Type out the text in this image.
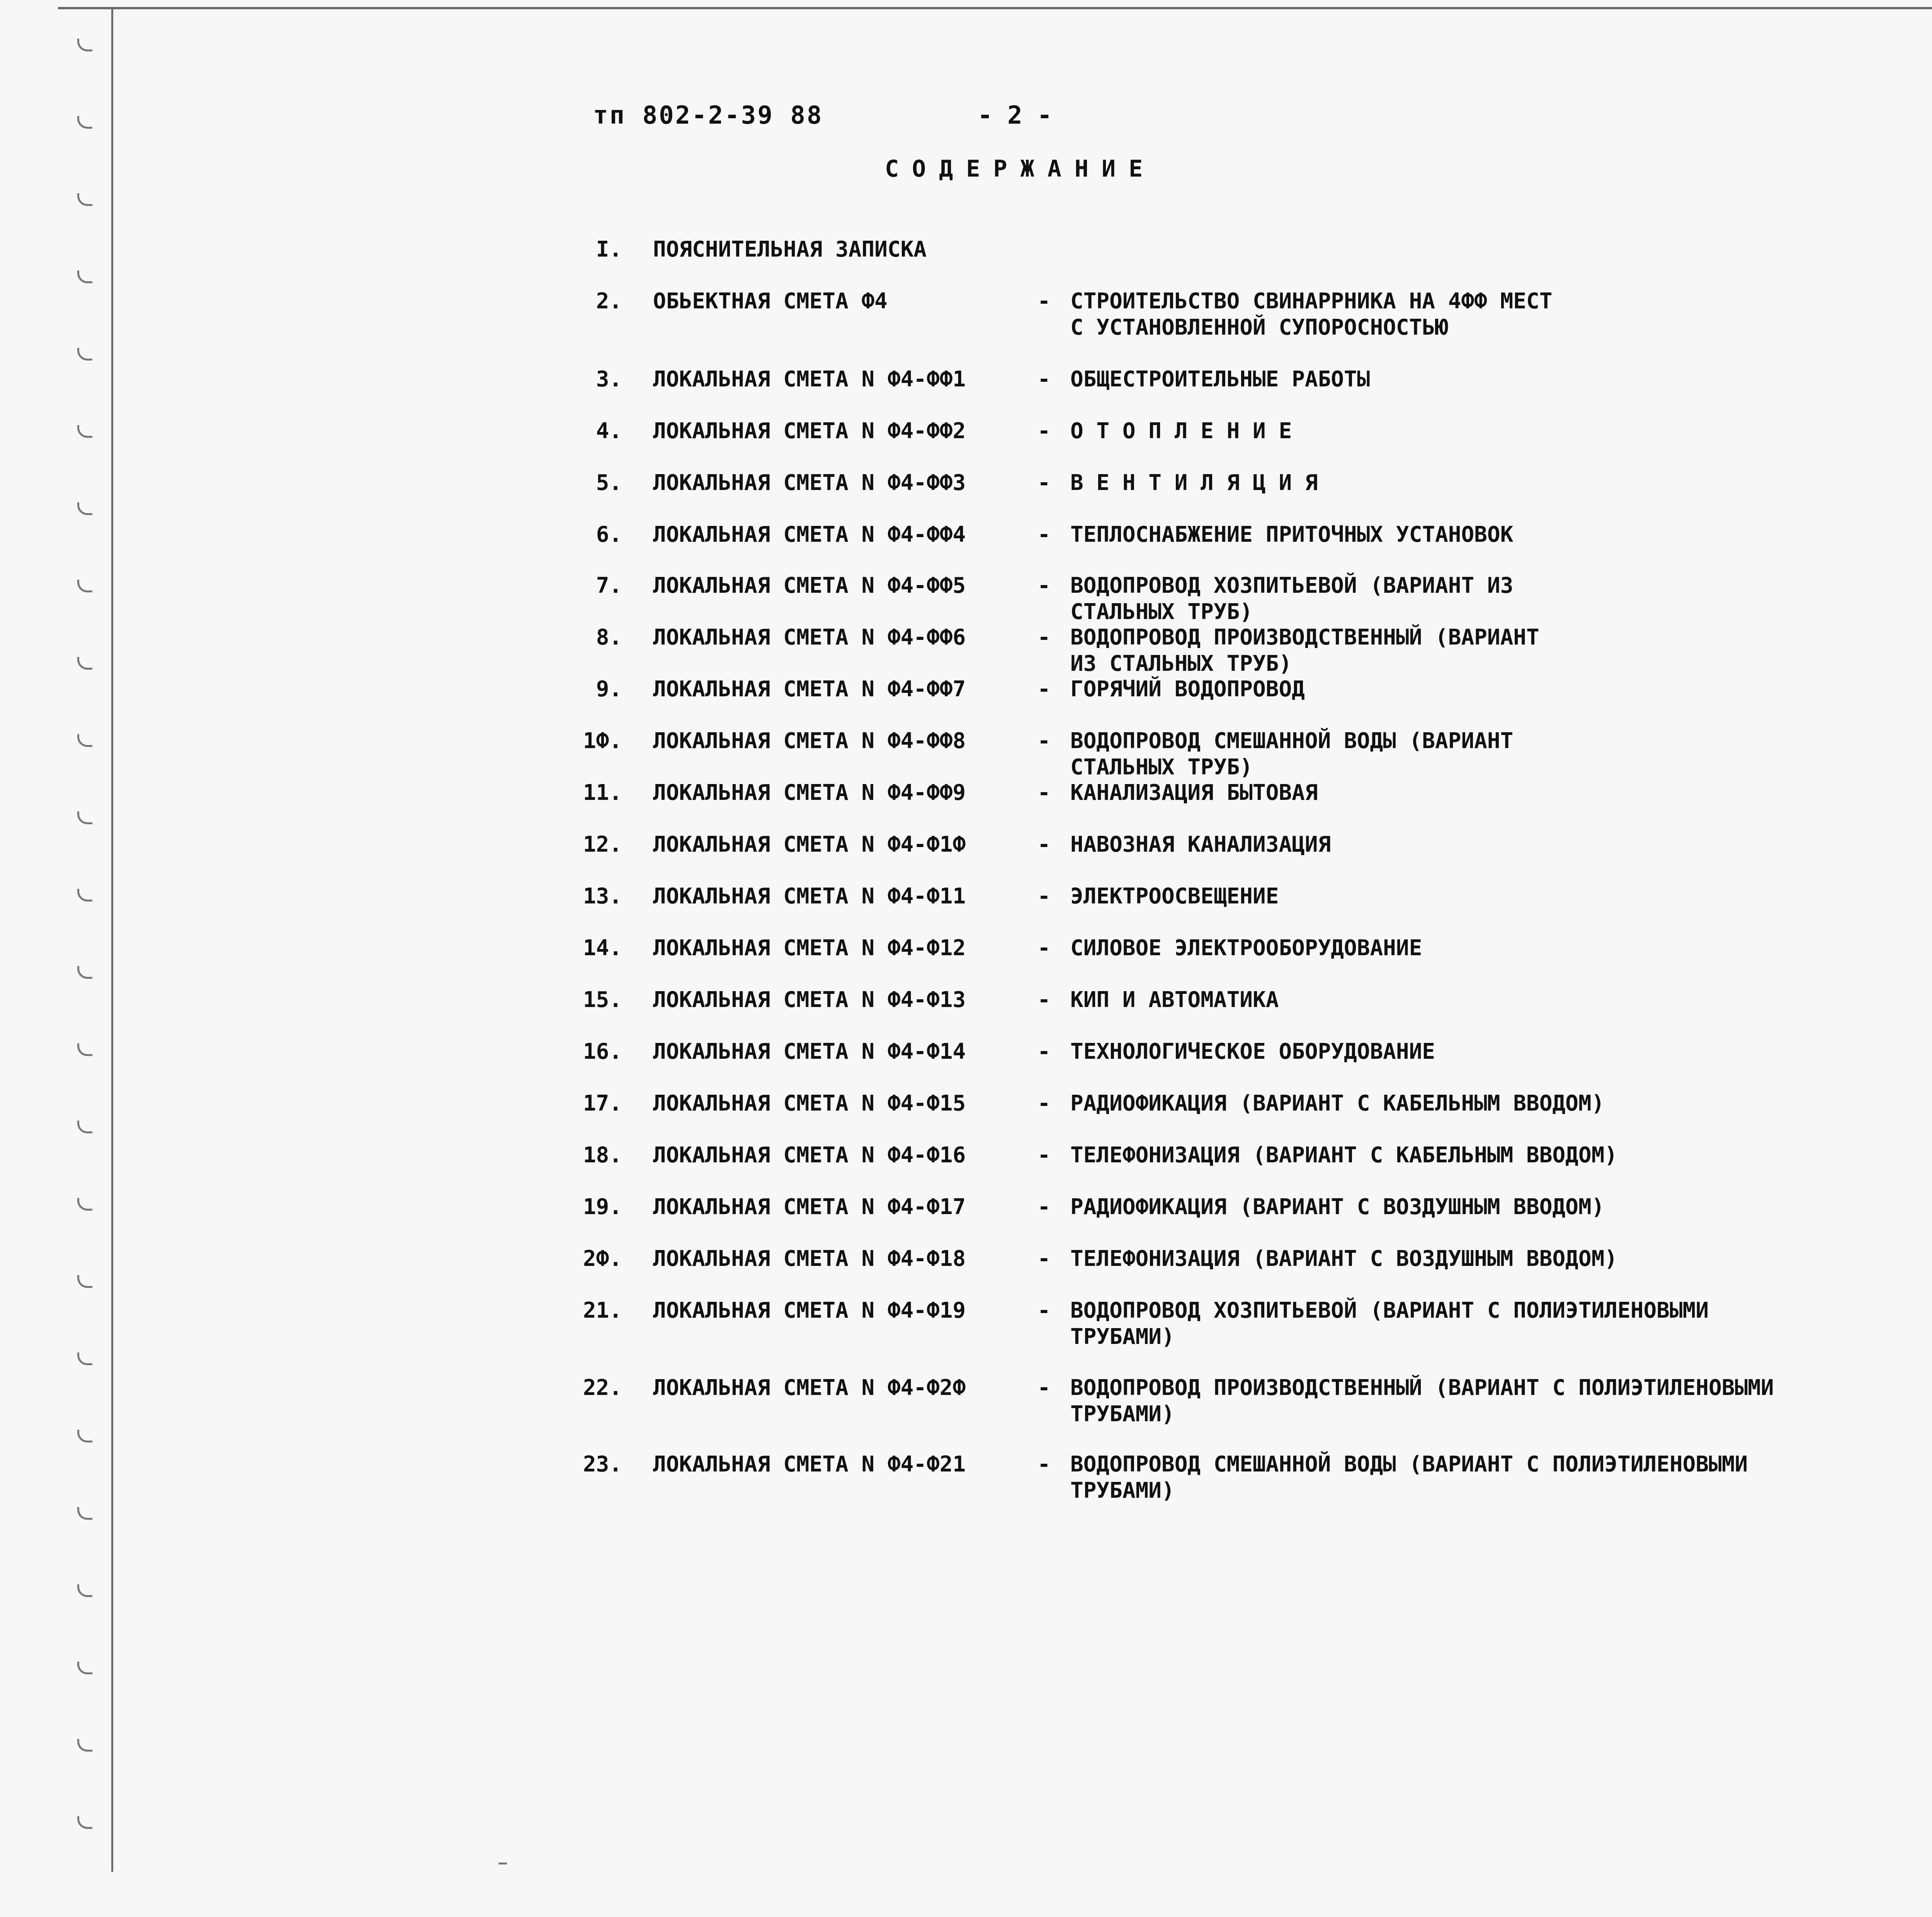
тп 802-2-39 88	- 2 -
СОДЕРЖАНИЕ
I. ПОЯСНИТЕЛЬНАЯ ЗАПИСКА
2. ОБЬЕКТНАЯ СМЕТА Ф4	- СТРОИТЕЛЬСТВО СВИНАРРНИКА НА 4ФФ МЕСТ
С УСТАНОВЛЕННОЙ СУПОРОСНОСТЬЮ
3. ЛОКАЛЬНАЯ СМЕТА N Ф4-ФФ1	- ОБЩЕСТРОИТЕЛЬНЫЕ РАБОТЫ
4. ЛОКАЛЬНАЯ СМЕТА N Ф4-ФФ2	- О Т О П Л Е Н И Е
5. ЛОКАЛЬНАЯ СМЕТА N Ф4-ФФ3	- В Е Н Т И Л Я Ц И Я
6. ЛОКАЛЬНАЯ СМЕТА N Ф4-ФФ4	- ТЕПЛОСНАБЖЕНИЕ ПРИТОЧНЫХ УСТАНОВОК
7. ЛОКАЛЬНАЯ СМЕТА N Ф4-ФФ5	- ВОДОПРОВОД ХОЗПИТЬЕВОЙ (ВАРИАНТ ИЗ
СТАЛЬНЫХ ТРУБ)
8. ЛОКАЛЬНАЯ СМЕТА N Ф4-ФФ6	- ВОДОПРОВОД ПРОИЗВОДСТВЕННЫЙ (ВАРИАНТ
ИЗ СТАЛЬНЫХ ТРУБ)
9. ЛОКАЛЬНАЯ СМЕТА N Ф4-ФФ7	- ГОРЯЧИЙ ВОДОПРОВОД
1Ф. ЛОКАЛЬНАЯ СМЕТА N Ф4-ФФ8	- ВОДОПРОВОД СМЕШАННОЙ ВОДЫ (ВАРИАНТ
СТАЛЬНЫХ ТРУБ)
11. ЛОКАЛЬНАЯ СМЕТА N Ф4-ФФ9	- КАНАЛИЗАЦИЯ БЫТОВАЯ
12. ЛОКАЛЬНАЯ СМЕТА N Ф4-Ф1Ф	- НАВОЗНАЯ КАНАЛИЗАЦИЯ
13. ЛОКАЛЬНАЯ СМЕТА N Ф4-Ф11	- ЭЛЕКТРООСВЕЩЕНИЕ
14. ЛОКАЛЬНАЯ СМЕТА N Ф4-Ф12	- СИЛОВОЕ ЭЛЕКТРООБОРУДОВАНИЕ
15. ЛОКАЛЬНАЯ СМЕТА N Ф4-Ф13	- КИП И АВТОМАТИКА
16. ЛОКАЛЬНАЯ СМЕТА N Ф4-Ф14	- ТЕХНОЛОГИЧЕСКОЕ ОБОРУДОВАНИЕ
17. ЛОКАЛЬНАЯ СМЕТА N Ф4-Ф15	- РАДИОФИКАЦИЯ (ВАРИАНТ С КАБЕЛЬНЫМ ВВОДОМ)
18. ЛОКАЛЬНАЯ СМЕТА N Ф4-Ф16	- ТЕЛЕФОНИЗАЦИЯ (ВАРИАНТ С КАБЕЛЬНЫМ ВВОДОМ)
19. ЛОКАЛЬНАЯ СМЕТА N Ф4-Ф17	- РАДИОФИКАЦИЯ (ВАРИАНТ С ВОЗДУШНЫМ ВВОДОМ)
2Ф. ЛОКАЛЬНАЯ СМЕТА N Ф4-Ф18	- ТЕЛЕФОНИЗАЦИЯ (ВАРИАНТ С ВОЗДУШНЫМ ВВОДОМ)
21. ЛОКАЛЬНАЯ СМЕТА N Ф4-Ф19	- ВОДОПРОВОД ХОЗПИТЬЕВОЙ (ВАРИАНТ С ПОЛИЭТИЛЕНОВЫМИ
ТРУБАМИ)
22. ЛОКАЛЬНАЯ СМЕТА N Ф4-Ф2Ф	- ВОДОПРОВОД ПРОИЗВОДСТВЕННЫЙ (ВАРИАНТ С ПОЛИЭТИЛЕНОВЫМИ
ТРУБАМИ)
23. ЛОКАЛЬНАЯ СМЕТА N Ф4-Ф21	- ВОДОПРОВОД СМЕШАННОЙ ВОДЫ (ВАРИАНТ С ПОЛИЭТИЛЕНОВЫМИ
ТРУБАМИ)
